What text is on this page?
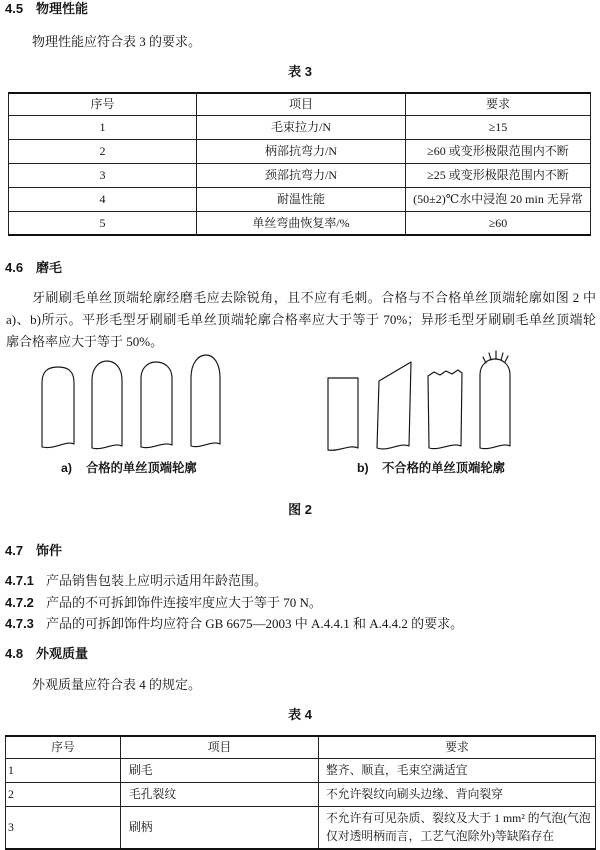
4.5 物理性能
物理性能应符合表 3 的要求。
表 3
序号	项目	要求
1	毛束拉力/N	≥15
2	柄部抗弯力/N	≥60 或变形极限范围内不断
3	颈部抗弯力/N	≥25 或变形极限范围内不断
4	耐温性能	(50±2)℃水中浸泡 20 min 无异常
5	单丝弯曲恢复率/%	≥60
4.6 磨毛
牙刷刷毛单丝顶端轮廓经磨毛应去除锐角，且不应有毛刺。合格与不合格单丝顶端轮廓如图 2 中
a)、b)所示。平形毛型牙刷刷毛单丝顶端轮廓合格率应大于等于 70%；异形毛型牙刷刷毛单丝顶端轮
廓合格率应大于等于 50%。
a) 合格的单丝顶端轮廓	b) 不合格的单丝顶端轮廓
图 2
4.7 饰件
4.7.1 产品销售包装上应明示适用年龄范围。
4.7.2 产品的不可拆卸饰件连接牢度应大于等于 70 N。
4.7.3 产品的可拆卸饰件均应符合 GB 6675—2003 中 A.4.4.1 和 A.4.4.2 的要求。
4.8 外观质量
外观质量应符合表 4 的规定。
表 4
序号	项目	要求
1	刷毛	整齐、顺直，毛束空满适宜

2	毛孔裂纹	不允许裂纹向刷头边缘、背向裂穿

3	刷柄	不允许有可见杂质、裂纹及大于 1 mm² 的气泡(气泡
仅对透明柄而言，工艺气泡除外)等缺陷存在
